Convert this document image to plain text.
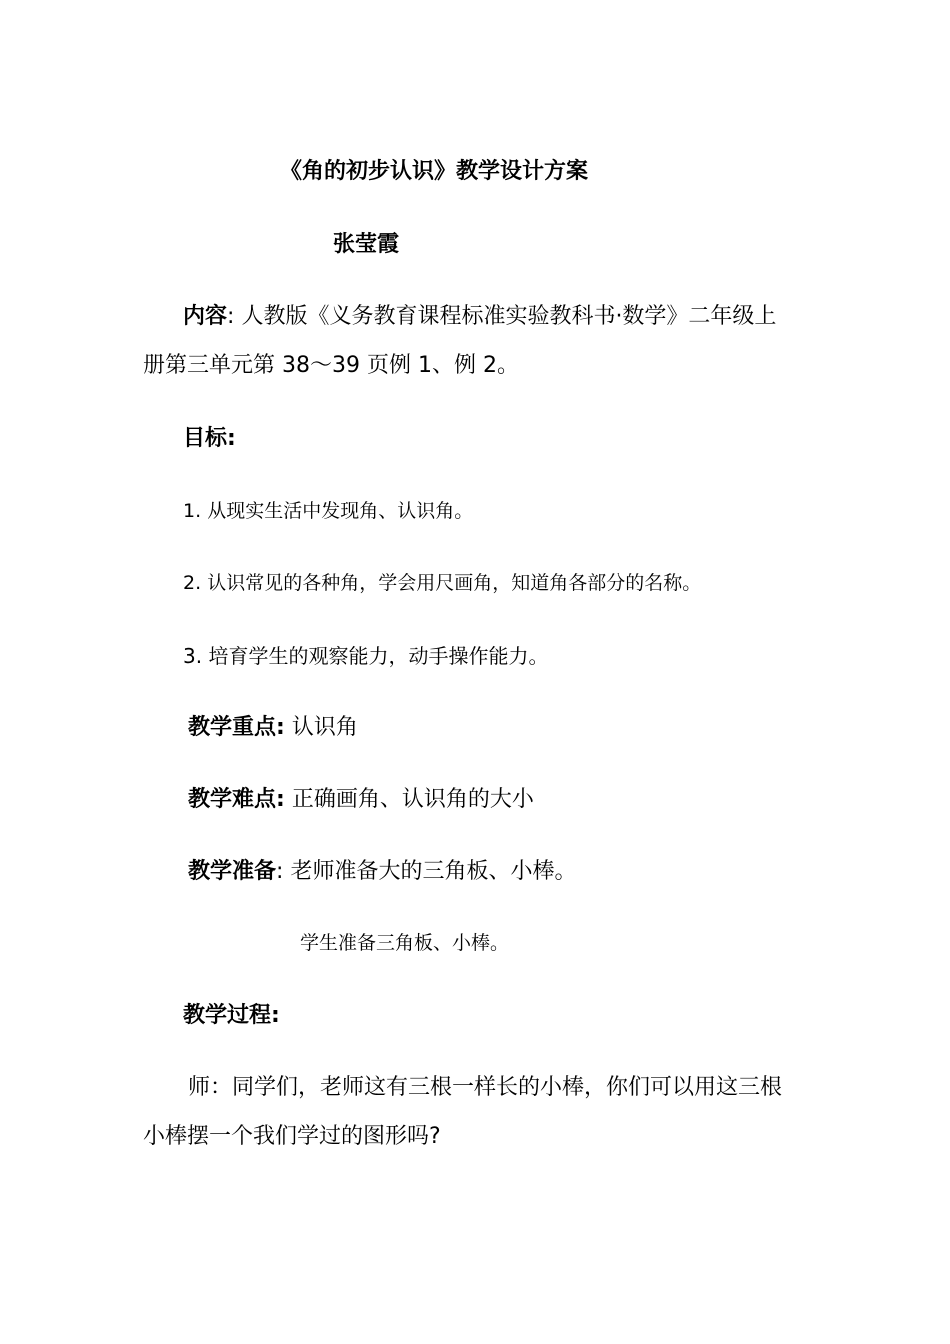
《角的初步认识》教学设计方案
张莹霞
内容: 人教版《义务教育课程标准实验教科书·数学》二年级上
册第三单元第 38～39 页例 1、例 2。
目标:
1. 从现实生活中发现角、认识角。
2. 认识常见的各种角，学会用尺画角，知道角各部分的名称。
3. 培育学生的观察能力，动手操作能力。
教学重点: 认识角
教学难点: 正确画角、认识角的大小
教学准备: 老师准备大的三角板、小棒。
学生准备三角板、小棒。
教学过程:
师：同学们，老师这有三根一样长的小棒，你们可以用这三根
小棒摆一个我们学过的图形吗?
